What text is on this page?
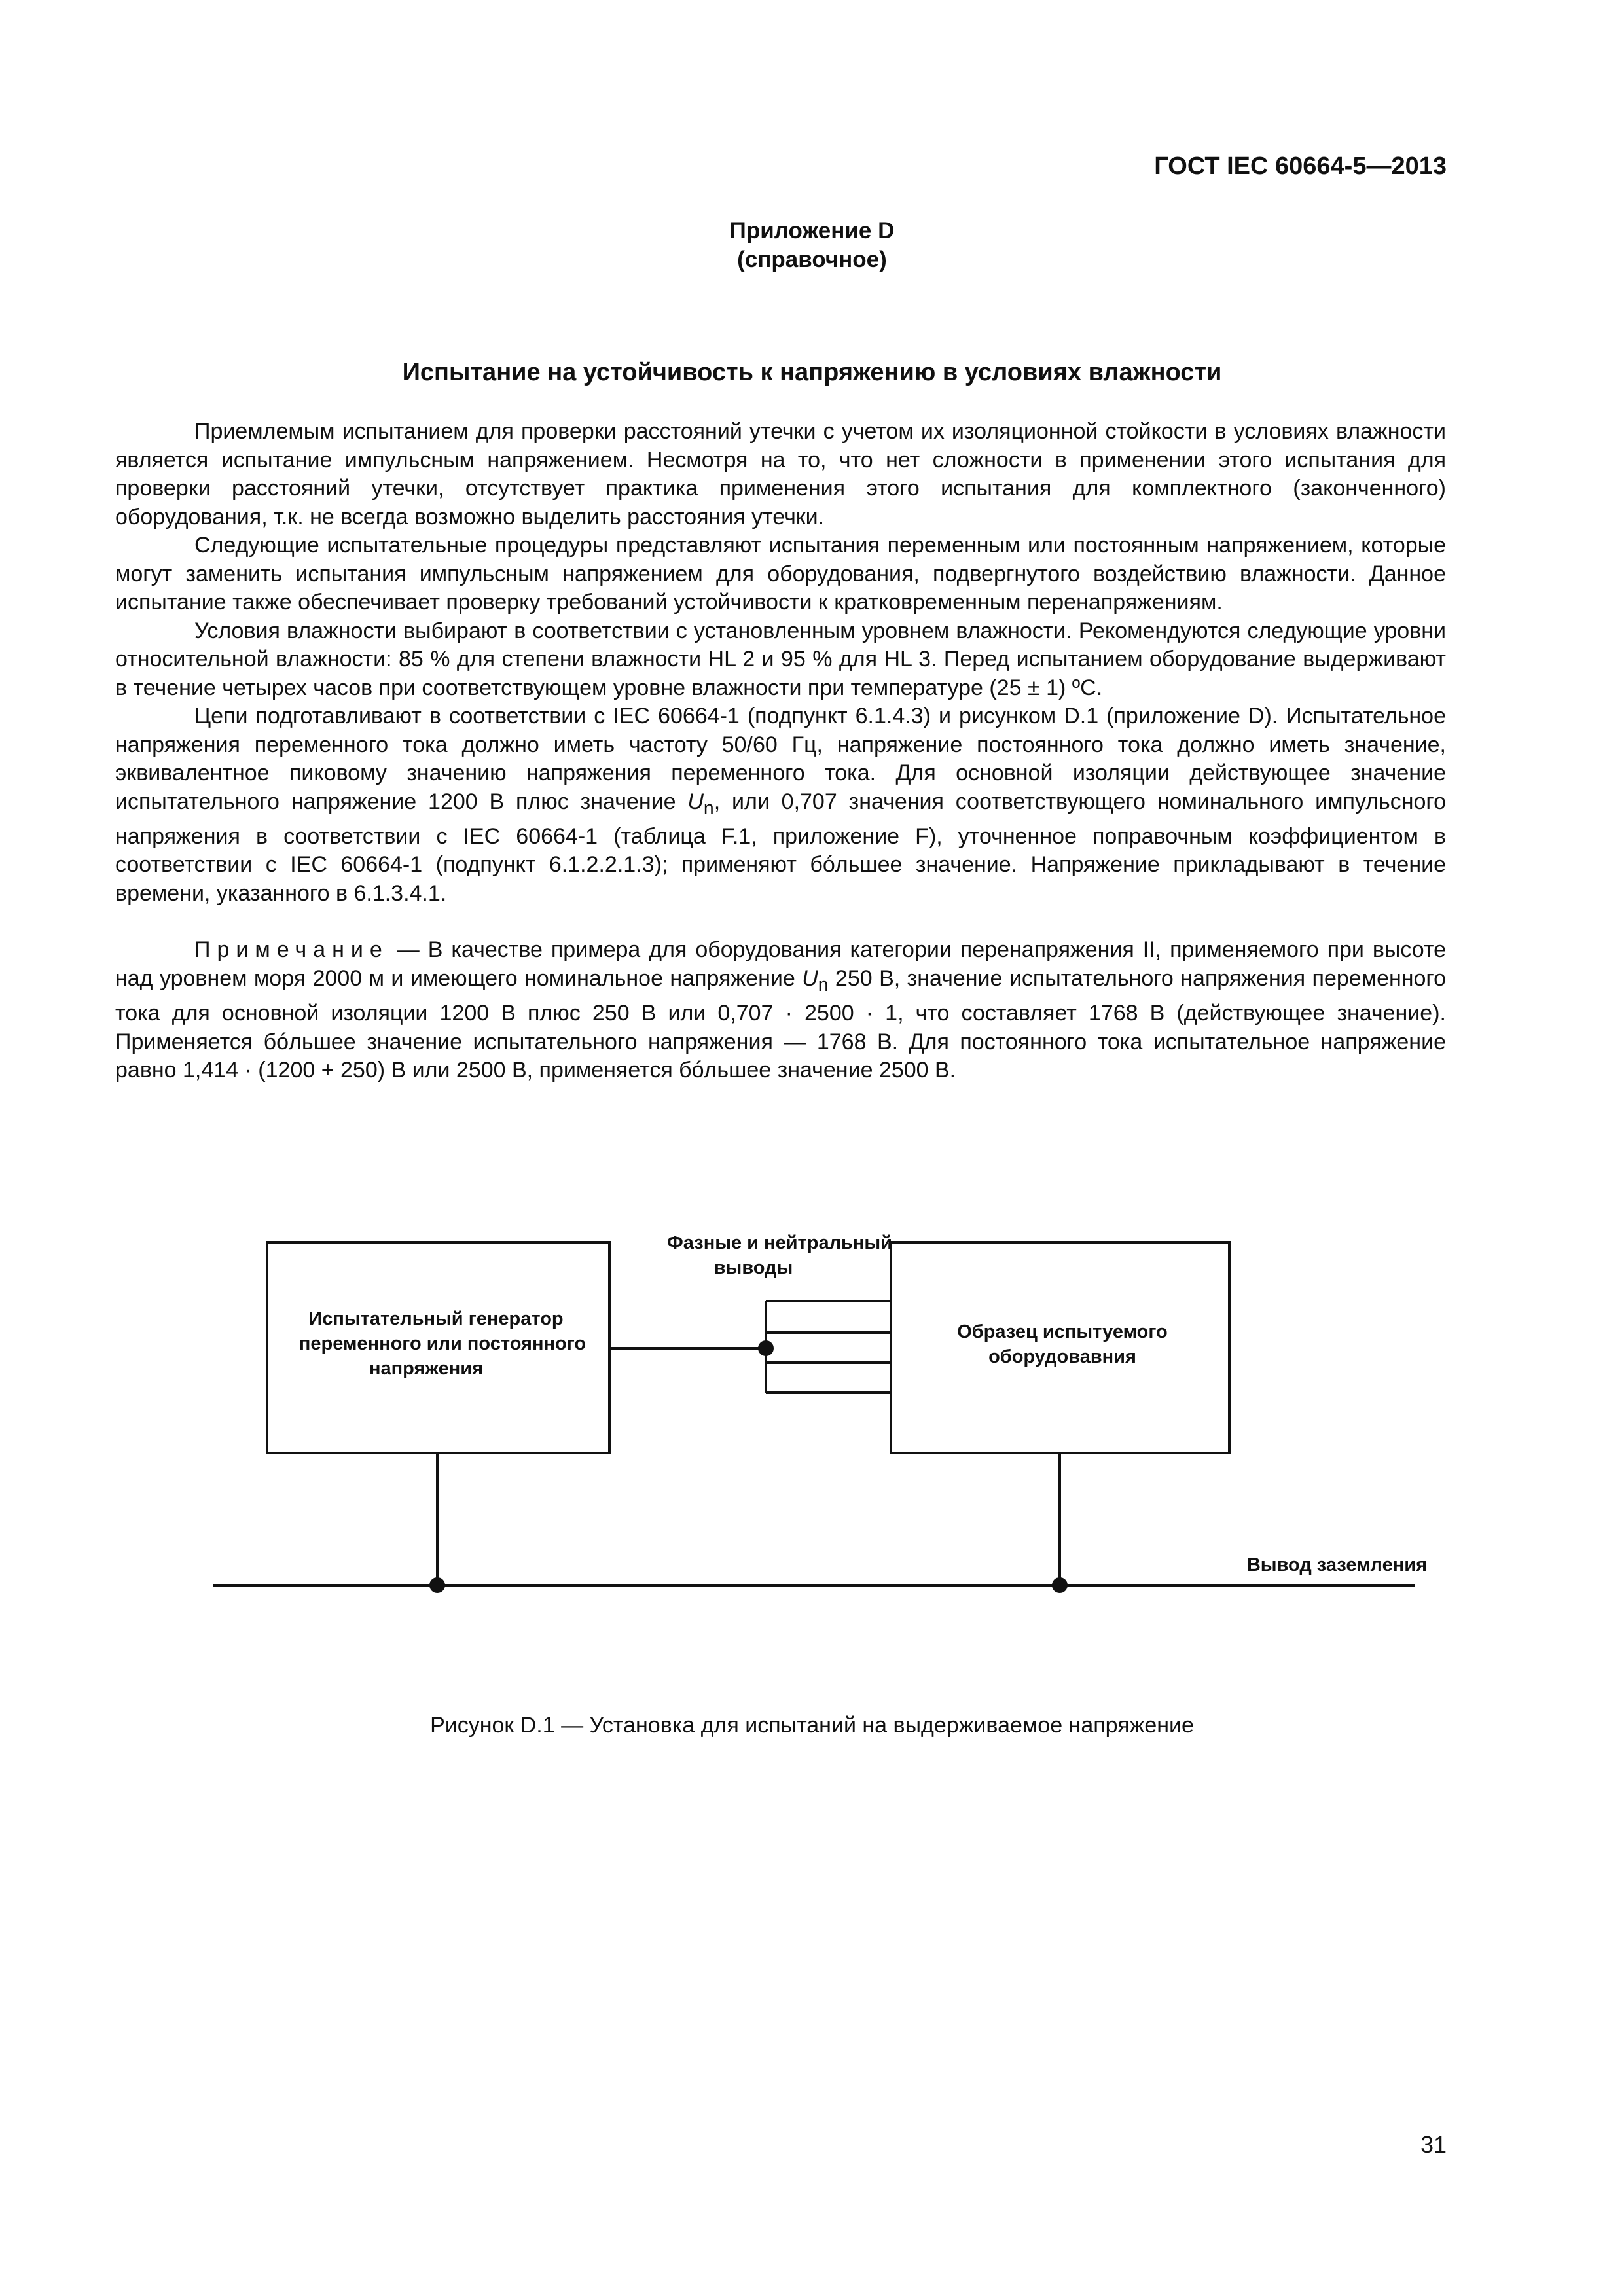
ГОСТ IEC 60664-5—2013
Приложение D
(справочное)
Испытание на устойчивость к напряжению в условиях влажности

Приемлемым испытанием для проверки расстояний утечки с учетом их изоляционной стойкости в условиях влажности является испытание импульсным напряжением. Несмотря на то, что нет сложности в применении этого испытания для проверки расстояний утечки, отсутствует практика применения этого испытания для комплектного (законченного) оборудования, т.к. не всегда возможно выделить расстояния утечки.

Следующие испытательные процедуры представляют испытания переменным или постоянным напряжением, которые могут заменить испытания импульсным напряжением для оборудования, подвергнутого воздействию влажности. Данное испытание также обеспечивает проверку требований устойчивости к кратковременным перенапряжениям.

Условия влажности выбирают в соответствии с установленным уровнем влажности. Рекомендуются следующие уровни относительной влажности: 85 % для степени влажности HL 2 и 95 % для HL 3. Перед испытанием оборудование выдерживают в течение четырех часов при соответствующем уровне влажности при температуре (25 ± 1) ºС.

Цепи подготавливают в соответствии с IEC 60664-1 (подпункт 6.1.4.3) и рисунком D.1 (приложение D). Испытательное напряжения переменного тока должно иметь частоту 50/60 Гц, напряжение постоянного тока должно иметь значение, эквивалентное пиковому значению напряжения переменного тока. Для основной изоляции действующее значение испытательного напряжение 1200 В плюс значение $U_n$, или 0,707 значения соответствующего номинального импульсного напряжения в соответствии с IEC 60664-1 (таблица F.1, приложение F), уточненное поправочным коэффициентом в соответствии с IEC 60664-1 (подпункт 6.1.2.2.1.3); применяют бóльшее значение. Напряжение прикладывают в течение времени, указанного в 6.1.3.4.1.

Примечание — В качестве примера для оборудования категории перенапряжения II, применяемого при высоте над уровнем моря 2000 м и имеющего номинальное напряжение $U_n$ 250 В, значение испытательного напряжения переменного тока для основной изоляции 1200 В плюс 250 В или 0,707 · 2500 · 1, что составляет 1768 В (действующее значение). Применяется бóльшее значение испытательного напряжения — 1768 В. Для постоянного тока испытательное напряжение равно 1,414 · (1200 + 250) В или 2500 В, применяется бóльшее значение 2500 В.

Фазные и нейтральный
выводы
Испытательный генератор
переменного или постоянного
напряжения
Образец испытуемого
оборудовавния
Вывод заземления
Рисунок D.1 — Установка для испытаний на выдерживаемое напряжение
31
